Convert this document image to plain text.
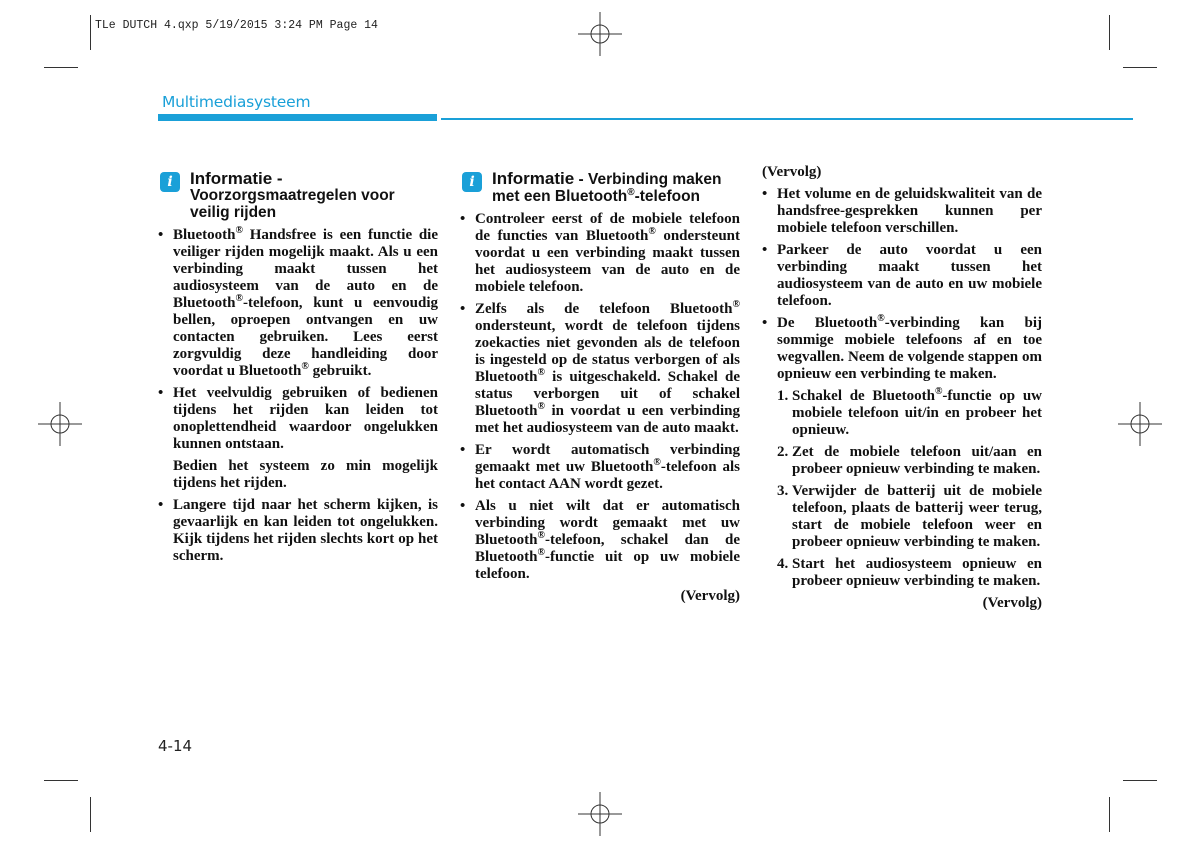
TLe DUTCH 4.qxp 5/19/2015 3:24 PM Page 14
Multimediasysteem
i	Informatie -
Voorzorgsmaatregelen voor veilig rijden
• Bluetooth® Handsfree is een functie die veiliger rijden mogelijk maakt. Als u een verbinding maakt tussen het audiosysteem van de auto en de Bluetooth®-telefoon, kunt u eenvoudig bellen, oproepen ontvangen en uw contacten gebruiken. Lees eerst zorgvuldig deze handleiding door voordat u Bluetooth® gebruikt.
• Het veelvuldig gebruiken of bedienen tijdens het rijden kan leiden tot onoplettendheid waardoor ongelukken kunnen ontstaan.

Bedien het systeem zo min mogelijk tijdens het rijden.

• Langere tijd naar het scherm kijken, is gevaarlijk en kan leiden tot ongelukken. Kijk tijdens het rijden slechts kort op het scherm.
i	Informatie - Verbinding maken
met een Bluetooth®-telefoon
• Controleer eerst of de mobiele telefoon de functies van Bluetooth® ondersteunt voordat u een verbinding maakt tussen het audiosysteem van de auto en de mobiele telefoon.
• Zelfs als de telefoon Bluetooth® ondersteunt, wordt de telefoon tijdens zoekacties niet gevonden als de telefoon is ingesteld op de status verborgen of als Bluetooth® is uitgeschakeld. Schakel de status verborgen uit of schakel Bluetooth® in voordat u een verbinding met het audiosysteem van de auto maakt.
• Er wordt automatisch verbinding gemaakt met uw Bluetooth®-telefoon als het contact AAN wordt gezet.
• Als u niet wilt dat er automatisch verbinding wordt gemaakt met uw Bluetooth®-telefoon, schakel dan de Bluetooth®-functie uit op uw mobiele telefoon.

(Vervolg)

(Vervolg)

• Het volume en de geluidskwaliteit van de handsfree-gesprekken kunnen per mobiele telefoon verschillen.
• Parkeer de auto voordat u een verbinding maakt tussen het audiosysteem van de auto en uw mobiele telefoon.
• De Bluetooth®-verbinding kan bij sommige mobiele telefoons af en toe wegvallen. Neem de volgende stappen om opnieuw een verbinding te maken.
1. Schakel de Bluetooth®-functie op uw mobiele telefoon uit/in en probeer het opnieuw.
2. Zet de mobiele telefoon uit/aan en probeer opnieuw verbinding te maken.
3. Verwijder de batterij uit de mobiele telefoon, plaats de batterij weer terug, start de mobiele telefoon weer en probeer opnieuw verbinding te maken.
4. Start het audiosysteem opnieuw en probeer opnieuw verbinding te maken.

(Vervolg)

4-14
